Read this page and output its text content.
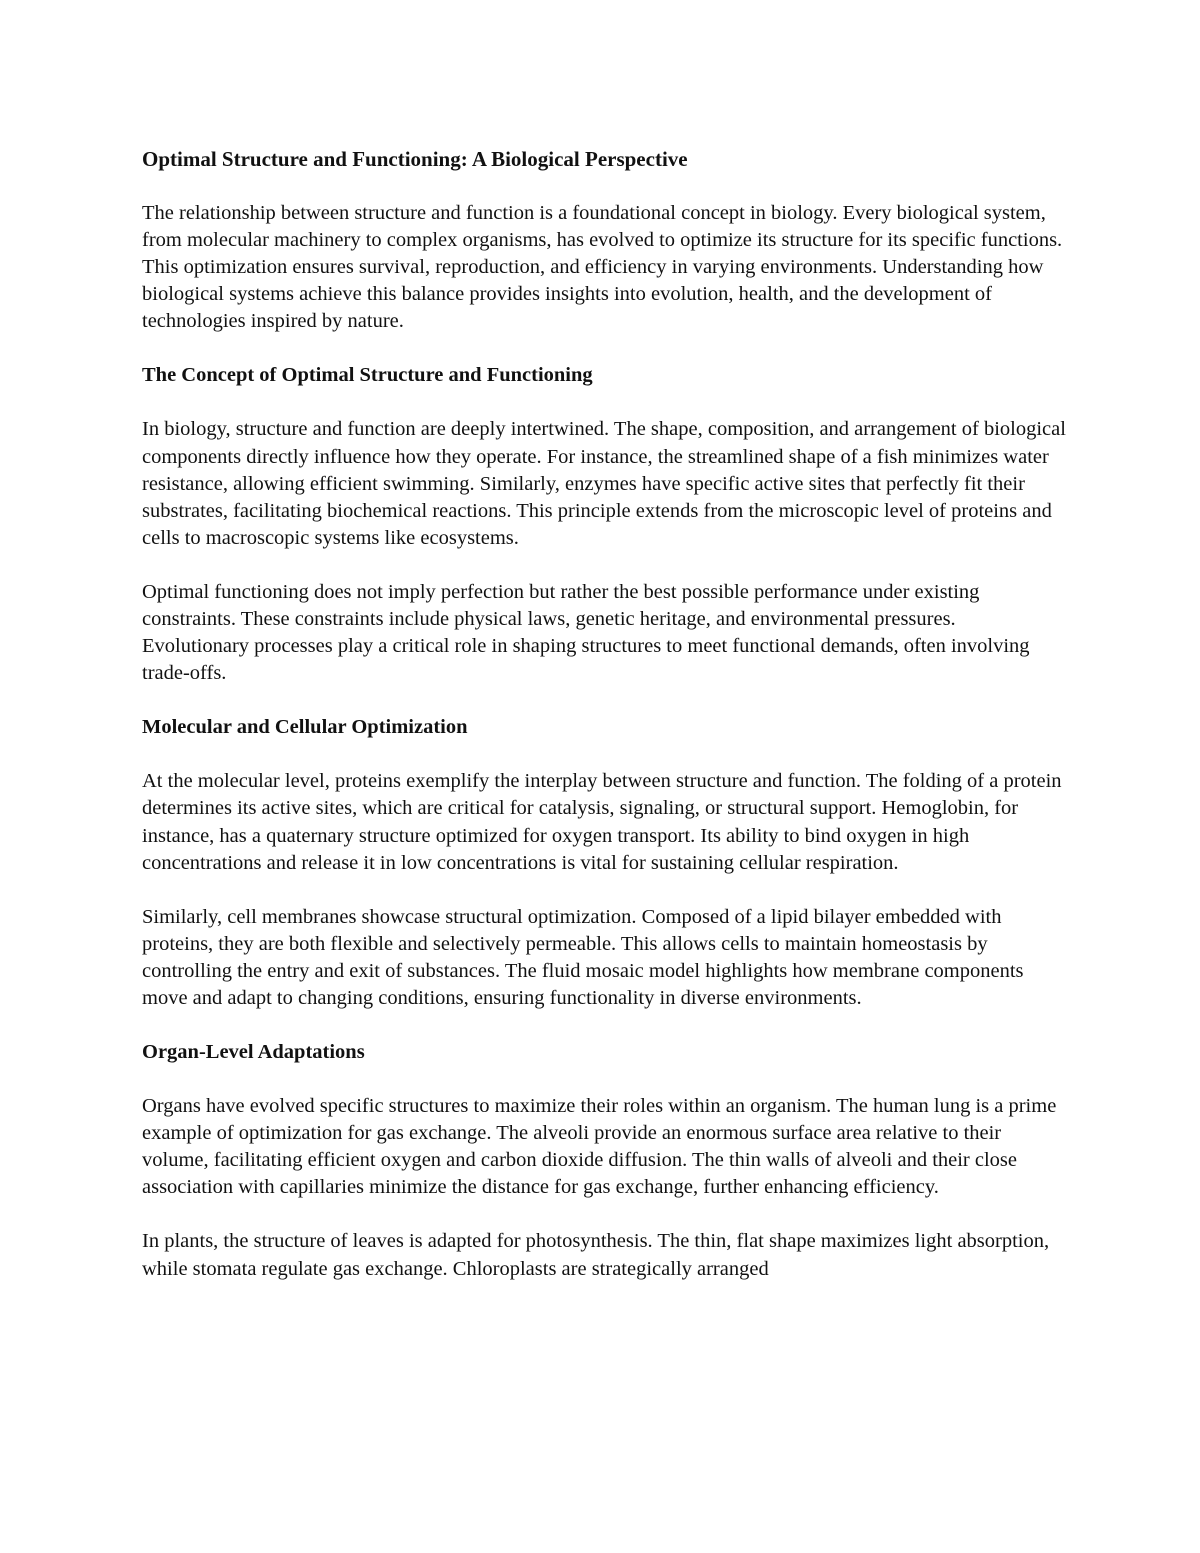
Optimal Structure and Functioning: A Biological Perspective

The relationship between structure and function is a foundational concept in biology. Every biological system, from molecular machinery to complex organisms, has evolved to optimize its structure for its specific functions. This optimization ensures survival, reproduction, and efficiency in varying environments. Understanding how biological systems achieve this balance provides insights into evolution, health, and the development of technologies inspired by nature.

The Concept of Optimal Structure and Functioning

In biology, structure and function are deeply intertwined. The shape, composition, and arrangement of biological components directly influence how they operate. For instance, the streamlined shape of a fish minimizes water resistance, allowing efficient swimming. Similarly, enzymes have specific active sites that perfectly fit their substrates, facilitating biochemical reactions. This principle extends from the microscopic level of proteins and cells to macroscopic systems like ecosystems.

Optimal functioning does not imply perfection but rather the best possible performance under existing constraints. These constraints include physical laws, genetic heritage, and environmental pressures. Evolutionary processes play a critical role in shaping structures to meet functional demands, often involving trade-offs.

Molecular and Cellular Optimization

At the molecular level, proteins exemplify the interplay between structure and function. The folding of a protein determines its active sites, which are critical for catalysis, signaling, or structural support. Hemoglobin, for instance, has a quaternary structure optimized for oxygen transport. Its ability to bind oxygen in high concentrations and release it in low concentrations is vital for sustaining cellular respiration.

Similarly, cell membranes showcase structural optimization. Composed of a lipid bilayer embedded with proteins, they are both flexible and selectively permeable. This allows cells to maintain homeostasis by controlling the entry and exit of substances. The fluid mosaic model highlights how membrane components move and adapt to changing conditions, ensuring functionality in diverse environments.

Organ-Level Adaptations

Organs have evolved specific structures to maximize their roles within an organism. The human lung is a prime example of optimization for gas exchange. The alveoli provide an enormous surface area relative to their volume, facilitating efficient oxygen and carbon dioxide diffusion. The thin walls of alveoli and their close association with capillaries minimize the distance for gas exchange, further enhancing efficiency.

In plants, the structure of leaves is adapted for photosynthesis. The thin, flat shape maximizes light absorption, while stomata regulate gas exchange. Chloroplasts are strategically arranged
